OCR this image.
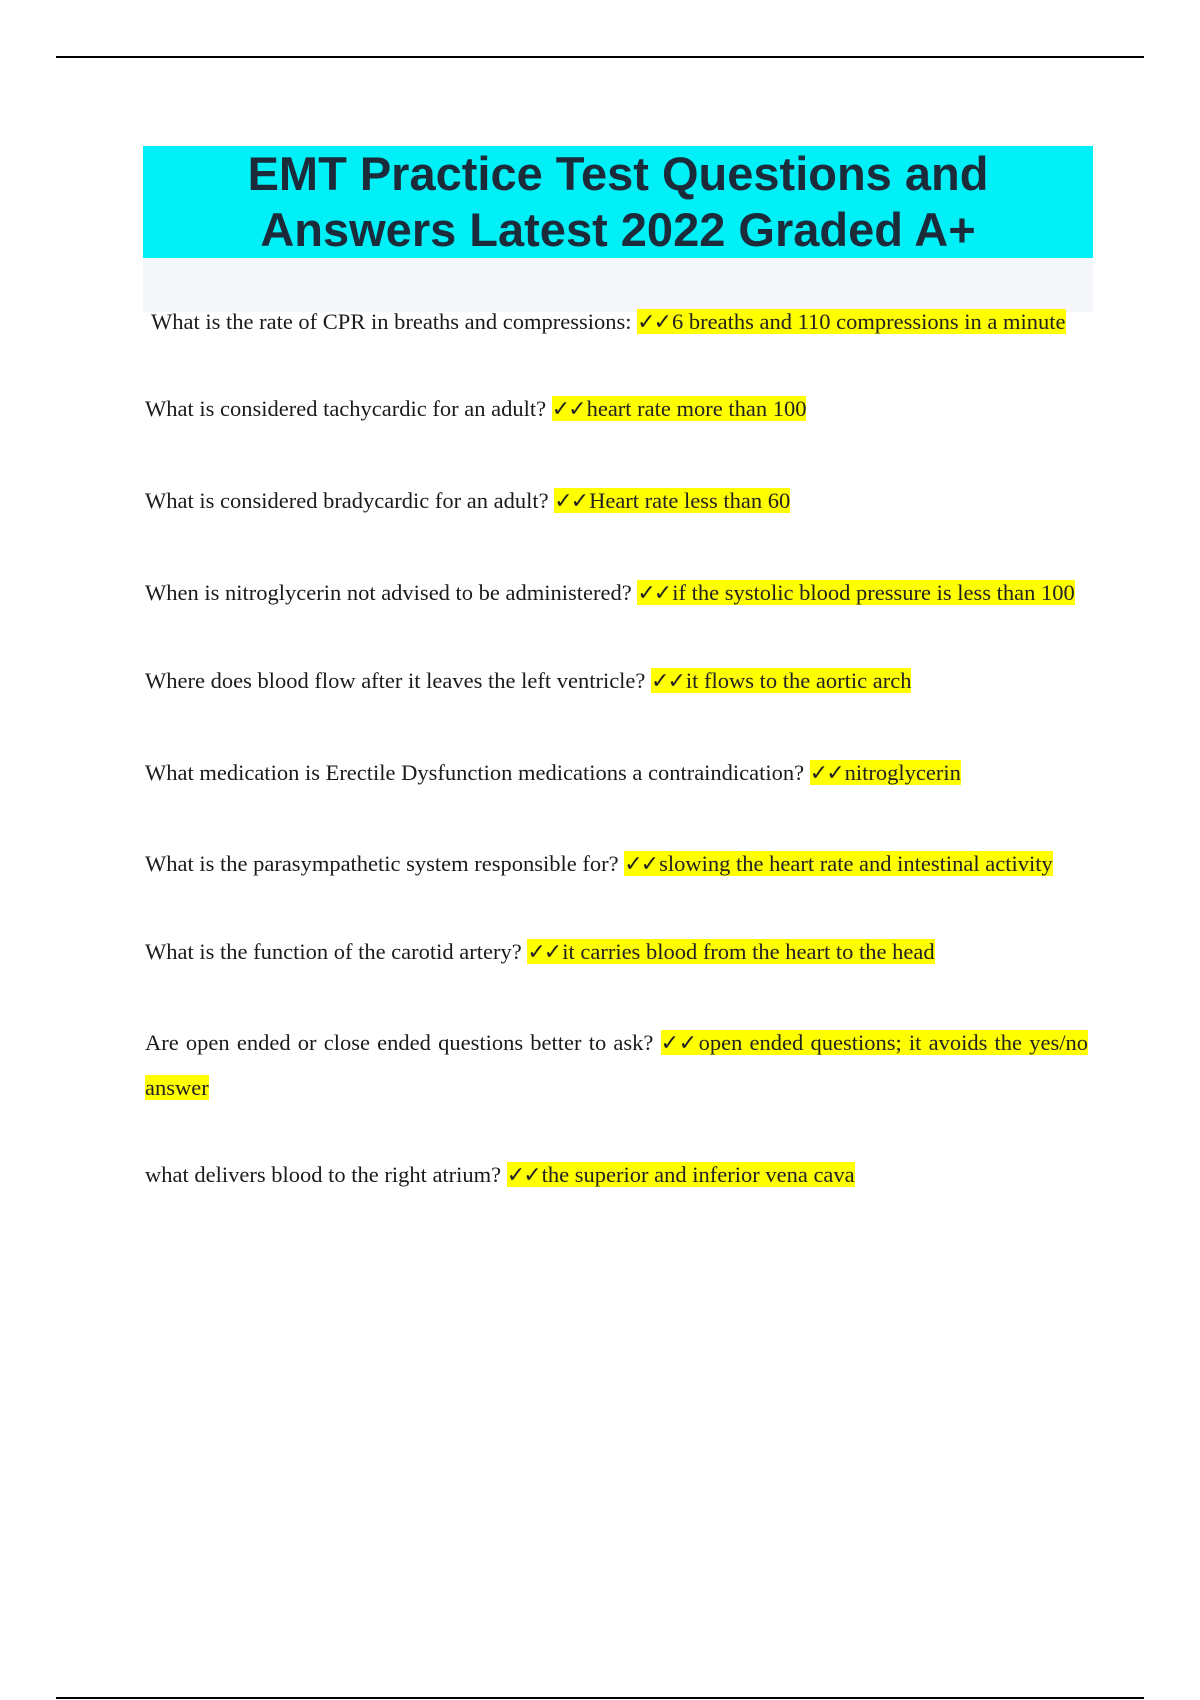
EMT Practice Test Questions and
Answers Latest 2022 Graded A+

What is the rate of CPR in breaths and compressions: ✓✓6 breaths and 110 compressions in a minute

What is considered tachycardic for an adult? ✓✓heart rate more than 100

What is considered bradycardic for an adult? ✓✓Heart rate less than 60

When is nitroglycerin not advised to be administered? ✓✓if the systolic blood pressure is less than 100

Where does blood flow after it leaves the left ventricle? ✓✓it flows to the aortic arch

What medication is Erectile Dysfunction medications a contraindication? ✓✓nitroglycerin

What is the parasympathetic system responsible for? ✓✓slowing the heart rate and intestinal activity

What is the function of the carotid artery? ✓✓it carries blood from the heart to the head

Are open ended or close ended questions better to ask? ✓✓open ended questions; it avoids the yes/no answer

what delivers blood to the right atrium? ✓✓the superior and inferior vena cava
